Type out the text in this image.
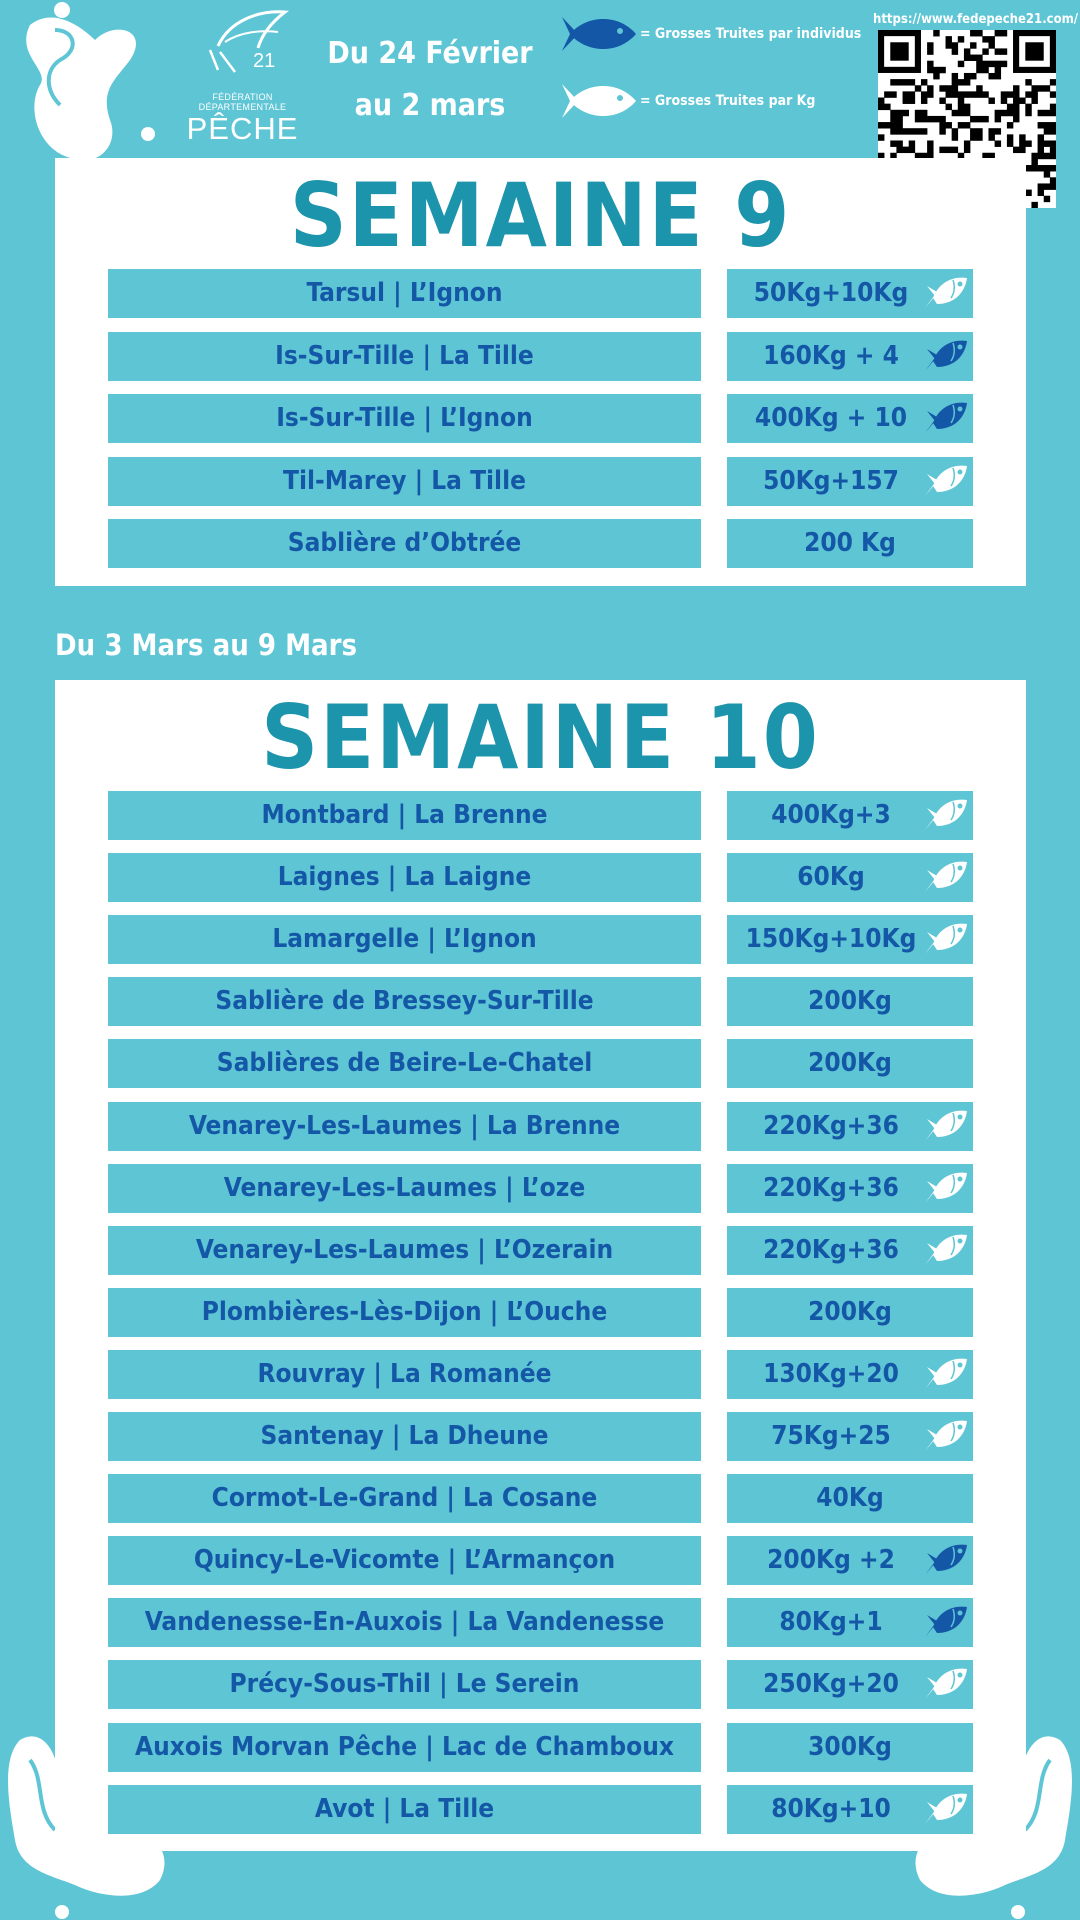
21
FÉDÉRATION DÉPARTEMENTALE
PÊCHE
Du 24 Février
au 2 mars
= Grosses Truites par individus
= Grosses Truites par Kg
https://www.fedepeche21.com/
SEMAINE 9
Tarsul | L’Ignon	50Kg+10Kg
Is-Sur-Tille | La Tille	160Kg + 4
Is-Sur-Tille | L’Ignon	400Kg + 10
Til-Marey | La Tille	50Kg+157
Sablière d’Obtrée	200 Kg
Du 3 Mars au 9 Mars
SEMAINE 10
Montbard | La Brenne	400Kg+3
Laignes | La Laigne	60Kg
Lamargelle | L’Ignon	150Kg+10Kg
Sablière de Bressey-Sur-Tille	200Kg
Sablières de Beire-Le-Chatel	200Kg
Venarey-Les-Laumes | La Brenne	220Kg+36
Venarey-Les-Laumes | L’oze	220Kg+36
Venarey-Les-Laumes | L’Ozerain	220Kg+36
Plombières-Lès-Dijon | L’Ouche	200Kg
Rouvray | La Romanée	130Kg+20
Santenay | La Dheune	75Kg+25
Cormot-Le-Grand | La Cosane	40Kg
Quincy-Le-Vicomte | L’Armançon	200Kg +2
Vandenesse-En-Auxois | La Vandenesse	80Kg+1
Précy-Sous-Thil | Le Serein	250Kg+20
Auxois Morvan Pêche | Lac de Chamboux	300Kg
Avot | La Tille	80Kg+10
